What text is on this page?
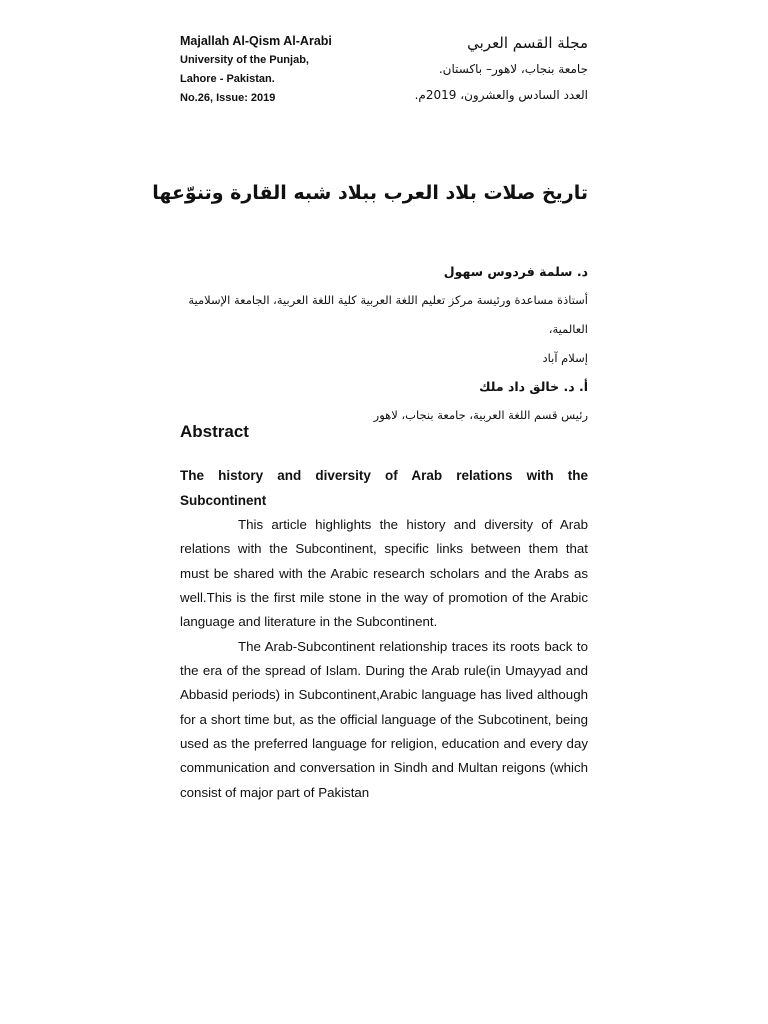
Majallah Al-Qism Al-Arabi
University of the Punjab,
Lahore - Pakistan.
No.26, Issue: 2019
مجلة القسم العربي
جامعة بنجاب، لاهور– باكستان.
العدد السادس والعشرون، 2019م.
تاريخ صلات بلاد العرب ببلاد شبه القارة وتنوّعها
د. سلمة فردوس سهول
أستاذة مساعدة ورئيسة مركز تعليم اللغة العربية كلية اللغة العربية، الجامعة الإسلامية العالمية،
إسلام آباد
أ. د. خالق داد ملك
رئيس قسم اللغة العربية، جامعة بنجاب، لاهور
Abstract
The history and diversity of Arab relations with the Subcontinent

This article highlights the history and diversity of Arab relations with the Subcontinent, specific links between them that must be shared with the Arabic research scholars and the Arabs as well.This is the first mile stone in the way of promotion of the Arabic language and literature in the Subcontinent.

The Arab-Subcontinent relationship traces its roots back to the era of the spread of Islam. During the Arab rule(in Umayyad and Abbasid periods) in Subcontinent,Arabic language has lived although for a short time but, as the official language of the Subcotinent, being used as the preferred language for religion, education and every day communication and conversation in Sindh and Multan reigons (which consist of major part of Pakistan
